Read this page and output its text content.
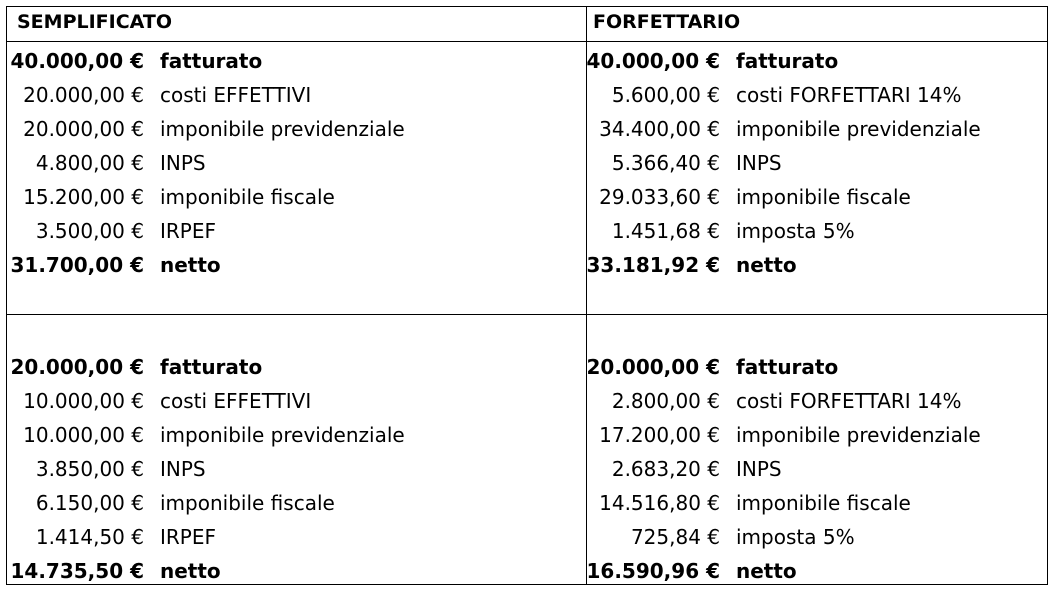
SEMPLIFICATO	FORFETTARIO
40.000,00 € fatturato
20.000,00 € costi EFFETTIVI
20.000,00 € imponibile previdenziale
4.800,00 € INPS
15.200,00 € imponibile fiscale
3.500,00 € IRPEF
31.700,00 € netto
40.000,00 € fatturato
5.600,00 € costi FORFETTARI 14%
34.400,00 € imponibile previdenziale
5.366,40 € INPS
29.033,60 € imponibile fiscale
1.451,68 € imposta 5%
33.181,92 € netto
20.000,00 € fatturato
10.000,00 € costi EFFETTIVI
10.000,00 € imponibile previdenziale
3.850,00 € INPS
6.150,00 € imponibile fiscale
1.414,50 € IRPEF
14.735,50 € netto
20.000,00 € fatturato
2.800,00 € costi FORFETTARI 14%
17.200,00 € imponibile previdenziale
2.683,20 € INPS
14.516,80 € imponibile fiscale
725,84 € imposta 5%
16.590,96 € netto
